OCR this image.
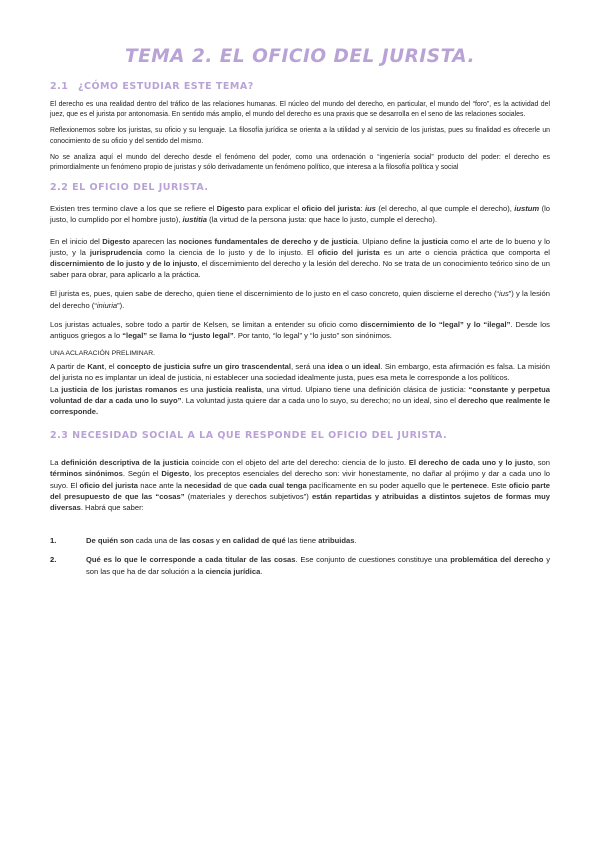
TEMA 2. EL OFICIO DEL JURISTA.
2.1 ¿CÓMO ESTUDIAR ESTE TEMA?

El derecho es una realidad dentro del tráfico de las relaciones humanas. El núcleo del mundo del derecho, en particular, el mundo del “foro”, es la actividad del juez, que es el jurista por antonomasia. En sentido más amplio, el mundo del derecho es una praxis que se desarrolla en el seno de las relaciones sociales.

Reflexionemos sobre los juristas, su oficio y su lenguaje. La filosofía jurídica se orienta a la utilidad y al servicio de los juristas, pues su finalidad es ofrecerle un conocimiento de su oficio y del sentido del mismo.

No se analiza aquí el mundo del derecho desde el fenómeno del poder, como una ordenación o “ingeniería social” producto del poder: el derecho es primordialmente un fenómeno propio de juristas y sólo derivadamente un fenómeno político, que interesa a la filosofía política y social

2.2 EL OFICIO DEL JURISTA.

Existen tres termino clave a los que se refiere el Digesto para explicar el oficio del jurista: ius (el derecho, al que cumple el derecho), iustum (lo justo, lo cumplido por el hombre justo), iustitia (la virtud de la persona justa: que hace lo justo, cumple el derecho).

En el inicio del Digesto aparecen las nociones fundamentales de derecho y de justicia. Ulpiano define la justicia como el arte de lo bueno y lo justo, y la jurisprudencia como la ciencia de lo justo y de lo injusto. El oficio del jurista es un arte o ciencia práctica que comporta el discernimiento de lo justo y de lo injusto, el discernimiento del derecho y la lesión del derecho. No se trata de un conocimiento teórico sino de un saber para obrar, para aplicarlo a la práctica.

El jurista es, pues, quien sabe de derecho, quien tiene el discernimiento de lo justo en el caso concreto, quien discierne el derecho (“ius”) y la lesión del derecho (“iniuria”).

Los juristas actuales, sobre todo a partir de Kelsen, se limitan a entender su oficio como discernimiento de lo “legal” y lo “ilegal”. Desde los antiguos griegos a lo “legal” se llama lo “justo legal”. Por tanto, “lo legal” y “lo justo” son sinónimos.

UNA ACLARACIÓN PRELIMINAR.

A partir de Kant, el concepto de justicia sufre un giro trascendental, será una idea o un ideal. Sin embargo, esta afirmación es falsa. La misión del jurista no es implantar un ideal de justicia, ni establecer una sociedad idealmente justa, pues esa meta le corresponde a los políticos.

La justicia de los juristas romanos es una justicia realista, una virtud. Ulpiano tiene una definición clásica de justicia: “constante y perpetua voluntad de dar a cada uno lo suyo”. La voluntad justa quiere dar a cada uno lo suyo, su derecho; no un ideal, sino el derecho que realmente le corresponde.

2.3 NECESIDAD SOCIAL A LA QUE RESPONDE EL OFICIO DEL JURISTA.

La definición descriptiva de la justicia coincide con el objeto del arte del derecho: ciencia de lo justo. El derecho de cada uno y lo justo, son términos sinónimos. Según el Digesto, los preceptos esenciales del derecho son: vivir honestamente, no dañar al prójimo y dar a cada uno lo suyo. El oficio del jurista nace ante la necesidad de que cada cual tenga pacíficamente en su poder aquello que le pertenece. Este oficio parte del presupuesto de que las “cosas” (materiales y derechos subjetivos”) están repartidas y atribuidas a distintos sujetos de formas muy diversas. Habrá que saber:

1.	De quién son cada una de las cosas y en calidad de qué las tiene atribuidas.
2.	Qué es lo que le corresponde a cada titular de las cosas. Ese conjunto de cuestiones constituye una problemática del derecho y son las que ha de dar solución a la ciencia jurídica.
